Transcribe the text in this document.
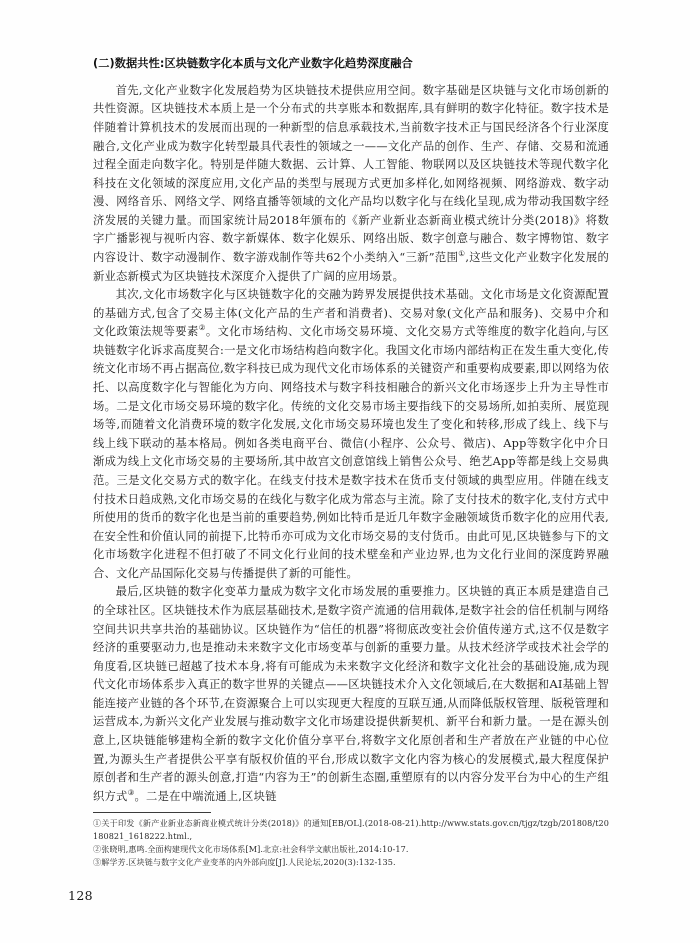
(二)数据共性:区块链数字化本质与文化产业数字化趋势深度融合

首先,文化产业数字化发展趋势为区块链技术提供应用空间。数字基础是区块链与文化市场创新的共性资源。区块链技术本质上是一个分布式的共享账本和数据库,具有鲜明的数字化特征。数字技术是伴随着计算机技术的发展而出现的一种新型的信息承载技术,当前数字技术正与国民经济各个行业深度融合,文化产业成为数字化转型最具代表性的领域之一——文化产品的创作、生产、存储、交易和流通过程全面走向数字化。特别是伴随大数据、云计算、人工智能、物联网以及区块链技术等现代数字化科技在文化领域的深度应用,文化产品的类型与展现方式更加多样化,如网络视频、网络游戏、数字动漫、网络音乐、网络文学、网络直播等领域的文化产品均以数字化与在线化呈现,成为带动我国数字经济发展的关键力量。而国家统计局2018年颁布的《新产业新业态新商业模式统计分类(2018)》将数字广播影视与视听内容、数字新媒体、数字化娱乐、网络出版、数字创意与融合、数字博物馆、数字内容设计、数字动漫制作、数字游戏制作等共62个小类纳入“三新”范围①,这些文化产业数字化发展的新业态新模式为区块链技术深度介入提供了广阔的应用场景。

其次,文化市场数字化与区块链数字化的交融为跨界发展提供技术基础。文化市场是文化资源配置的基础方式,包含了交易主体(文化产品的生产者和消费者)、交易对象(文化产品和服务)、交易中介和文化政策法规等要素②。文化市场结构、文化市场交易环境、文化交易方式等维度的数字化趋向,与区块链数字化诉求高度契合:一是文化市场结构趋向数字化。我国文化市场内部结构正在发生重大变化,传统文化市场不再占据高位,数字科技已成为现代文化市场体系的关键资产和重要构成要素,即以网络为依托、以高度数字化与智能化为方向、网络技术与数字科技相融合的新兴文化市场逐步上升为主导性市场。二是文化市场交易环境的数字化。传统的文化交易市场主要指线下的交易场所,如拍卖所、展览现场等,而随着文化消费环境的数字化发展,文化市场交易环境也发生了变化和转移,形成了线上、线下与线上线下联动的基本格局。例如各类电商平台、微信(小程序、公众号、微店)、App等数字化中介日渐成为线上文化市场交易的主要场所,其中故宫文创意馆线上销售公众号、绝艺App等都是线上交易典范。三是文化交易方式的数字化。在线支付技术是数字技术在货币支付领域的典型应用。伴随在线支付技术日趋成熟,文化市场交易的在线化与数字化成为常态与主流。除了支付技术的数字化,支付方式中所使用的货币的数字化也是当前的重要趋势,例如比特币是近几年数字金融领域货币数字化的应用代表,在安全性和价值认同的前提下,比特币亦可成为文化市场交易的支付货币。由此可见,区块链参与下的文化市场数字化进程不但打破了不同文化行业间的技术壁垒和产业边界,也为文化行业间的深度跨界融合、文化产品国际化交易与传播提供了新的可能性。

最后,区块链的数字化变革力量成为数字文化市场发展的重要推力。区块链的真正本质是建造自己的全球社区。区块链技术作为底层基础技术,是数字资产流通的信用载体,是数字社会的信任机制与网络空间共识共享共治的基础协议。区块链作为“信任的机器”将彻底改变社会价值传递方式,这不仅是数字经济的重要驱动力,也是推动未来数字文化市场变革与创新的重要力量。从技术经济学或技术社会学的角度看,区块链已超越了技术本身,将有可能成为未来数字文化经济和数字文化社会的基础设施,成为现代文化市场体系步入真正的数字世界的关键点——区块链技术介入文化领域后,在大数据和AI基础上智能连接产业链的各个环节,在资源聚合上可以实现更大程度的互联互通,从而降低版权管理、版税管理和运营成本,为新兴文化产业发展与推动数字文化市场建设提供新契机、新平台和新力量。一是在源头创意上,区块链能够建构全新的数字文化价值分享平台,将数字文化原创者和生产者放在产业链的中心位置,为源头生产者提供公平享有版权价值的平台,形成以数字文化内容为核心的发展模式,最大程度保护原创者和生产者的源头创意,打造“内容为王”的创新生态圈,重塑原有的以内容分发平台为中心的生产组织方式③。二是在中端流通上,区块链

①关于印发《新产业新业态新商业模式统计分类(2018)》的通知[EB/OL].(2018-08-21).http://www.stats.gov.cn/tjgz/tzgb/201808/t20180821_1618222.html.,

②张晓明,惠鸣.全面构建现代文化市场体系[M].北京:社会科学文献出版社,2014:10-17.

③解学芳.区块链与数字文化产业变革的内外部向度[J].人民论坛,2020(3):132-135.

128
